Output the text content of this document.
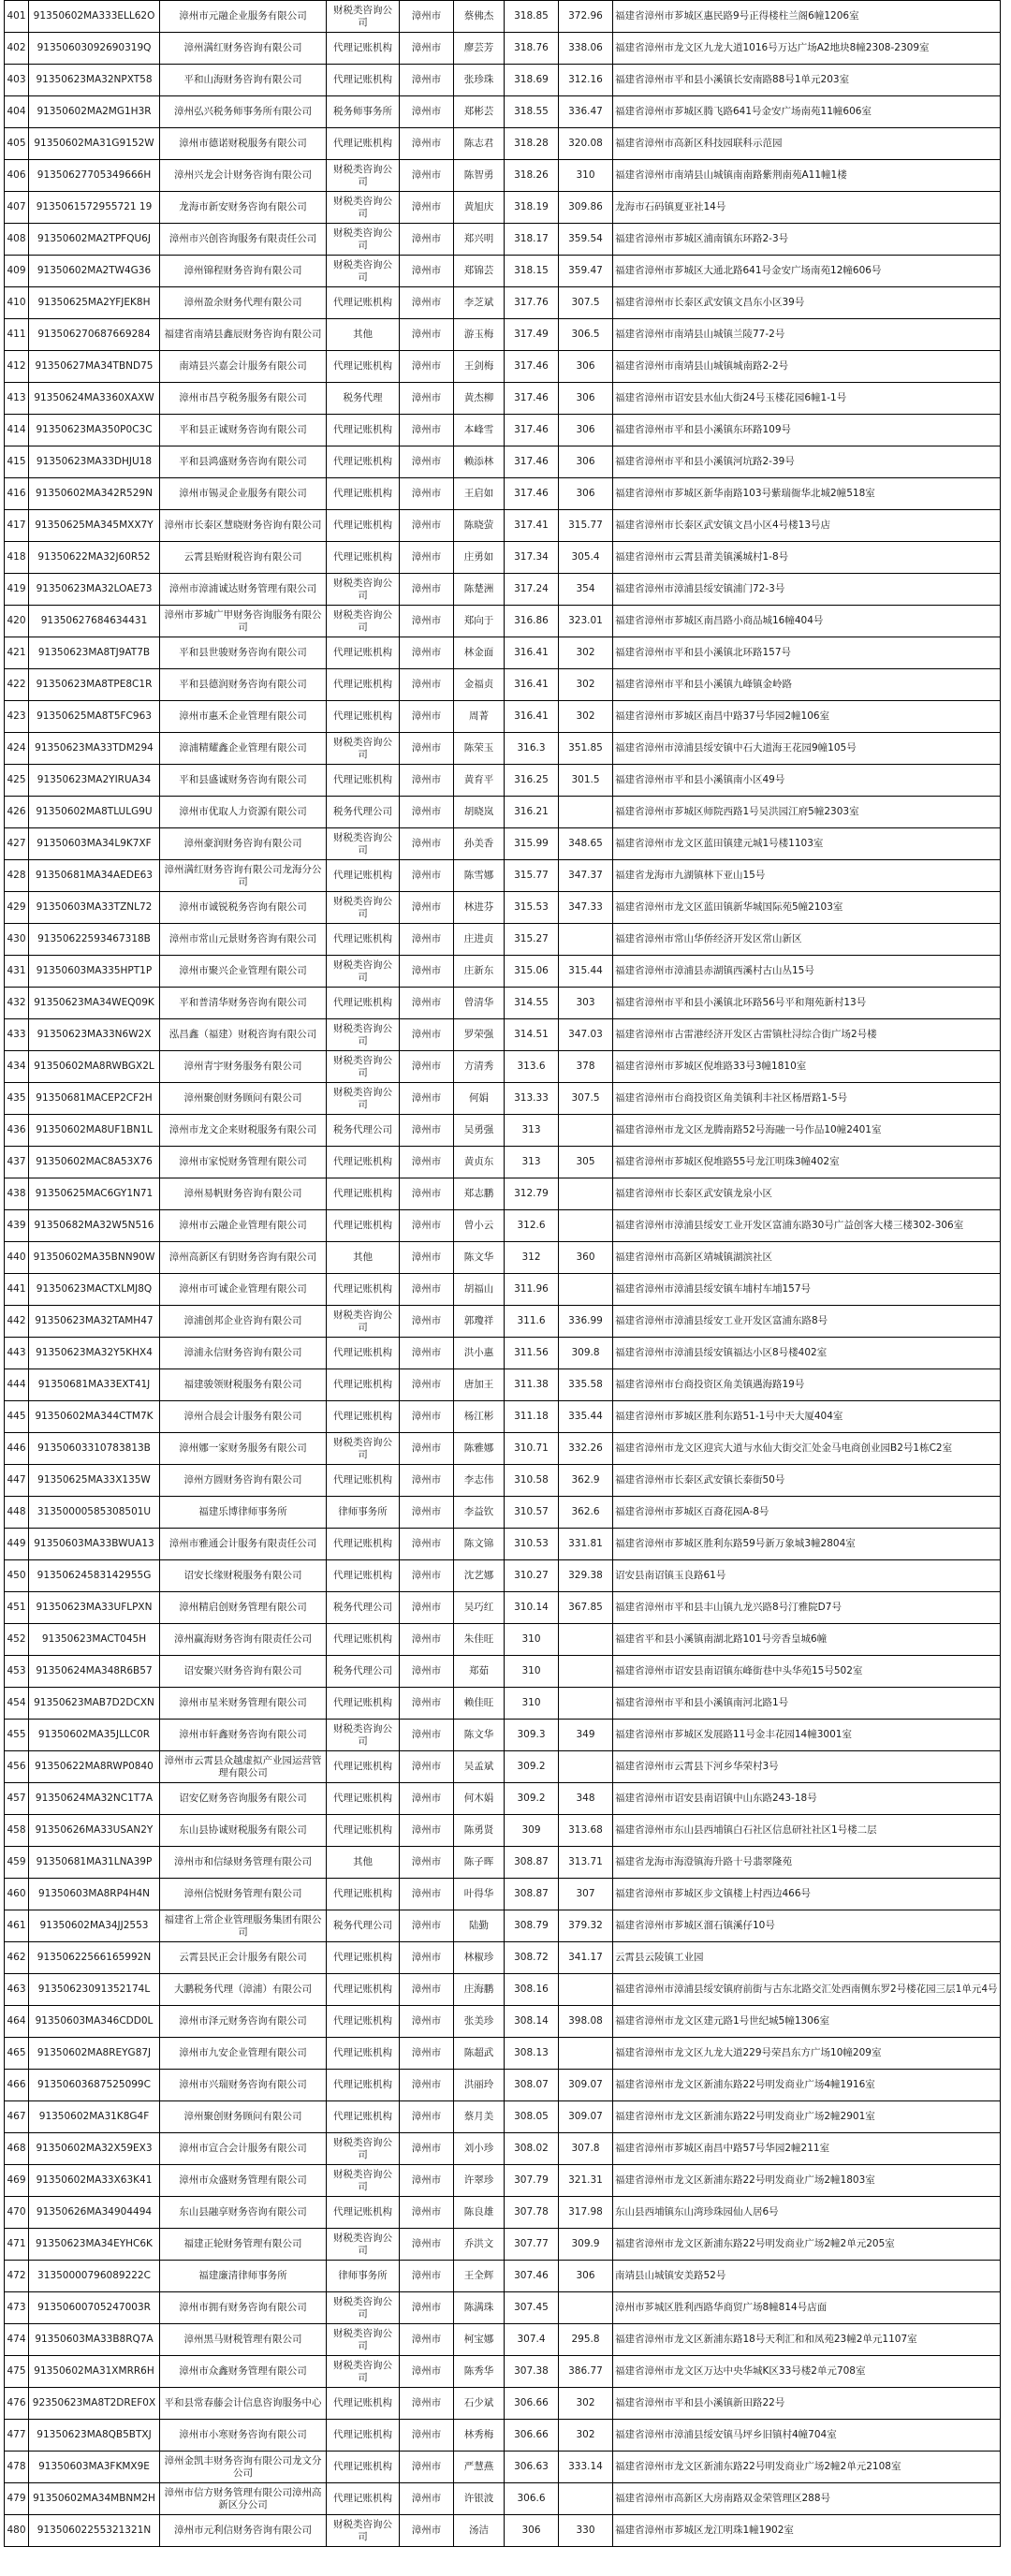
401	91350602MA333ELL62O	漳州市元融企业服务有限公司	财税类咨询公司	漳州市	蔡佛杰	318.85	372.96	福建省漳州市芗城区惠民路9号正得楼柱兰阁6幢1206室
402	91350603092690319Q	漳州满红财务咨询有限公司	代理记账机构	漳州市	廖芸芳	318.76	338.06	福建省漳州市龙文区九龙大道1016号万达广场A2地块8幢2308-2309室
403	91350623MA32NPXT58	平和山海财务咨询有限公司	代理记账机构	漳州市	张珍珠	318.69	312.16	福建省漳州市平和县小溪镇长安南路88号1单元203室
404	91350602MA2MG1H3R	漳州弘兴税务师事务所有限公司	税务师事务所	漳州市	郑彬芸	318.55	336.47	福建省漳州市芗城区腾飞路641号金安广场南苑11幢606室
405	91350602MA31G9152W	漳州市德诺财税服务有限公司	代理记账机构	漳州市	陈志君	318.28	320.08	福建省漳州市高新区科技园联科示范园
406	91350627705349666H	漳州兴龙会计财务咨询有限公司	财税类咨询公司	漳州市	陈智勇	318.26	310	福建省漳州市南靖县山城镇南南路紫荆南苑A11幢1楼
407	9135061572955721 19	龙海市新安财务咨询有限公司	财税类咨询公司	漳州市	黄旭庆	318.19	309.86	龙海市石码镇夏亚社14号
408	91350602MA2TPFQU6J	漳州市兴创咨询服务有限责任公司	财税类咨询公司	漳州市	郑兴明	318.17	359.54	福建省漳州市芗城区浦南镇东环路2-3号
409	91350602MA2TW4G36	漳州锦程财务咨询有限公司	财税类咨询公司	漳州市	郑锦芸	318.15	359.47	福建省漳州市芗城区大通北路641号金安广场南苑12幢606号
410	91350625MA2YFJEK8H	漳州盈余财务代理有限公司	代理记账机构	漳州市	李芝斌	317.76	307.5	福建省漳州市长泰区武安镇文昌东小区39号
411	913506270687669284	福建省南靖县鑫辰财务咨询有限公司	其他	漳州市	游玉梅	317.49	306.5	福建省漳州市南靖县山城镇兰陵77-2号
412	91350627MA34TBND75	南靖县兴嘉会计服务有限公司	代理记账机构	漳州市	王剑梅	317.46	306	福建省漳州市南靖县山城镇城南路2-2号
413	91350624MA3360XAXW	漳州市昌亨税务服务有限公司	税务代理	漳州市	黄杰柳	317.46	306	福建省漳州市诏安县水仙大街24号玉楼花园6幢1-1号
414	91350623MA350P0C3C	平和县正诚财务咨询有限公司	代理记账机构	漳州市	本峰雪	317.46	306	福建省漳州市平和县小溪镇东环路109号
415	91350623MA33DHJU18	平和县鸿盛财务咨询有限公司	代理记账机构	漳州市	赖添林	317.46	306	福建省漳州市平和县小溪镇河坑路2-39号
416	91350602MA342R529N	漳州市锡灵企业服务有限公司	代理记账机构	漳州市	王启如	317.46	306	福建省漳州市芗城区新华南路103号紫瑞衙华北城2幢518室
417	91350625MA345MXX7Y	漳州市长泰区慧晓财务咨询有限公司	代理记账机构	漳州市	陈晓萤	317.41	315.77	福建省漳州市长泰区武安镇文昌小区4号楼13号店
418	91350622MA32J60R52	云霄县贻财税咨询有限公司	代理记账机构	漳州市	庄勇如	317.34	305.4	福建省漳州市云霄县莆美镇溪城村1-8号
419	91350623MA32LOAE73	漳州市漳浦诚达财务管理有限公司	财税类咨询公司	漳州市	陈楚洲	317.24	354	福建省漳州市漳浦县绥安镇浦门72-3号
420	91350627684634431	漳州市芗城广甲财务咨询服务有限公司	财税类咨询公司	漳州市	郑向于	316.86	323.01	福建省漳州市芗城区南昌路小商品城16幢404号
421	91350623MA8TJ9AT7B	平和县世骏财务咨询有限公司	代理记账机构	漳州市	林金面	316.41	302	福建省漳州市平和县小溪镇北环路157号
422	91350623MA8TPE8C1R	平和县德润财务咨询有限公司	代理记账机构	漳州市	金福贞	316.41	302	福建省漳州市平和县小溪镇九峰镇金岭路
423	91350625MA8T5FC963	漳州市惠禾企业管理有限公司	代理记账机构	漳州市	周菁	316.41	302	福建省漳州市芗城区南昌中路37号华园2幢106室
424	91350623MA33TDM294	漳浦精耀鑫企业管理有限公司	财税类咨询公司	漳州市	陈荣玉	316.3	351.85	福建省漳州市漳浦县绥安镇中石大道海王花园9幢105号
425	91350623MA2YIRUA34	平和县盛诚财务咨询有限公司	代理记账机构	漳州市	黄育平	316.25	301.5	福建省漳州市平和县小溪镇南小区49号
426	91350602MA8TLULG9U	漳州市优取人力资源有限公司	税务代理公司	漳州市	胡晓岚	316.21		福建省漳州市芗城区师院西路1号吴洪园江府5幢2303室
427	91350603MA34L9K7XF	漳州豪润财务咨询有限公司	财税类咨询公司	漳州市	孙美香	315.99	348.65	福建省漳州市龙文区蓝田镇建元城1号楼1103室
428	91350681MA34AEDE63	漳州满红财务咨询有限公司龙海分公司	代理记账机构	漳州市	陈雪娜	315.77	347.37	福建省龙海市九湖镇林下亚山15号
429	91350603MA33TZNL72	漳州市诚锐税务咨询有限公司	财税类咨询公司	漳州市	林进芬	315.53	347.33	福建省漳州市龙文区蓝田镇新华城国际苑5幢2103室
430	91350622593467318B	漳州市常山元景财务咨询有限公司	代理记账机构	漳州市	庄进贞	315.27		福建省漳州市常山华侨经济开发区常山新区
431	91350603MA335HPT1P	漳州市聚兴企业管理有限公司	财税类咨询公司	漳州市	庄新东	315.06	315.44	福建省漳州市漳浦县赤湖镇西溪村古山丛15号
432	91350623MA34WEQ09K	平和普清华财务咨询有限公司	代理记账机构	漳州市	曾清华	314.55	303	福建省漳州市平和县小溪镇北环路56号平和翔苑新村13号
433	91350623MA33N6W2X	泓昌鑫（福建）财税咨询有限公司	财税类咨询公司	漳州市	罗荣强	314.51	347.03	福建省漳州市古雷港经济开发区古雷镇杜浔综合街广场2号楼
434	91350602MA8RWBGX2L	漳州青宇财务服务有限公司	财税类咨询公司	漳州市	方清秀	313.6	378	福建省漳州市芗城区倪堆路33号3幢1810室
435	91350681MACEP2CF2H	漳州聚创财务顾问有限公司	财税类咨询公司	漳州市	何娟	313.33	307.5	福建省漳州市台商投资区角美镇利丰社区杨厝路1-5号
436	91350602MA8UF1BN1L	漳州市龙文企来财税服务有限公司	税务代理公司	漳州市	吴勇强	313		福建省漳州市龙文区龙腾南路52号海融一号作品10幢2401室
437	91350602MAC8A53X76	漳州市家悦财务管理有限公司	代理记账机构	漳州市	黄贞东	313	305	福建省漳州市芗城区倪堆路55号龙江明珠3幢402室
438	91350625MAC6GY1N71	漳州易帆财务咨询有限公司	代理记账机构	漳州市	郑志鹏	312.79		福建省漳州市长泰区武安镇龙泉小区
439	91350682MA32W5N516	漳州市云融企业管理有限公司	代理记账机构	漳州市	曾小云	312.6		福建省漳州市漳浦县绥安工业开发区富浦东路30号广益创客大楼三楼302-306室
440	91350602MA35BNN90W	漳州高新区有钥财务咨询有限公司	其他	漳州市	陈文华	312	360	福建省漳州市高新区靖城镇湖滨社区
441	91350623MACTXLMJ8Q	漳州市可诚企业管理有限公司	代理记账机构	漳州市	胡福山	311.96		福建省漳州市漳浦县绥安镇车埔村车埔157号
442	91350623MA32TAMH47	漳浦创邦企业咨询有限公司	财税类咨询公司	漳州市	郭瓊祥	311.6	336.99	福建省漳州市漳浦县绥安工业开发区富浦东路8号
443	91350623MA32Y5KHX4	漳浦永信财务咨询有限公司	代理记账机构	漳州市	洪小惠	311.56	309.8	福建省漳州市漳浦县绥安镇福达小区8号楼402室
444	91350681MA33EXT41J	福建骏领财税服务有限公司	代理记账机构	漳州市	唐加王	311.38	335.58	福建省漳州市台商投资区角美镇遇海路19号
445	91350602MA344CTM7K	漳州合晨会计服务有限公司	代理记账机构	漳州市	杨江彬	311.18	335.44	福建省漳州市芗城区胜利东路51-1号中天大厦404室
446	91350603310783813B	漳州娜一家财务服务有限公司	财税类咨询公司	漳州市	陈雅娜	310.71	332.26	福建省漳州市龙文区迎宾大道与水仙大街交汇处金马电商创业园B2号1栋C2室
447	91350625MA33X135W	漳州方圆财务咨询有限公司	代理记账机构	漳州市	李志伟	310.58	362.9	福建省漳州市长泰区武安镇长泰街50号
448	31350000585308501U	福建乐博律师事务所	律师事务所	漳州市	李益钦	310.57	362.6	福建省漳州市芗城区百裔花园A-8号
449	91350603MA33BWUA13	漳州市雅通会计服务有限责任公司	代理记账机构	漳州市	陈文锦	310.53	331.81	福建省漳州市芗城区胜利东路59号新万象城3幢2804室
450	91350624583142955G	诏安长缘财税服务有限公司	代理记账机构	漳州市	沈艺娜	310.27	329.38	诏安县南诏镇玉良路61号
451	91350623MA33UFLPXN	漳州精启创财务管理有限公司	税务代理公司	漳州市	吴巧红	310.14	367.85	福建省漳州市平和县丰山镇九龙兴路8号汀雅院D7号
452	91350623MACT045H	漳州赢海财务咨询有限责任公司	代理记账机构	漳州市	朱佳旺	310		福建省平和县小溪镇南湖北路101号旁香皇城6幢
453	91350624MA348R6B57	诏安聚兴财务咨询有限公司	税务代理公司	漳州市	郑茹	310		福建省漳州市诏安县南诏镇东峰街巷中头华苑15号502室
454	91350623MAB7D2DCXN	漳州市星米财务管理有限公司	代理记账机构	漳州市	赖佳旺	310		福建省漳州市平和县小溪镇南河北路1号
455	91350602MA35JLLC0R	漳州市轩鑫财务咨询有限公司	财税类咨询公司	漳州市	陈文华	309.3	349	福建省漳州市芗城区发展路11号金丰花园14幢3001室
456	91350622MA8RWP0840	漳州市云霄县众越虚拟产业园运营管理有限公司	代理记账机构	漳州市	吴孟斌	309.2		福建省漳州市云霄县下河乡华荣村3号
457	91350624MA32NC1T7A	诏安亿财务咨询服务有限公司	代理记账机构	漳州市	何木娟	309.2	348	福建省漳州市诏安县南诏镇中山东路243-18号
458	91350626MA33USAN2Y	东山县协诚财税服务有限公司	代理记账机构	漳州市	陈勇贤	309	313.68	福建省漳州市东山县西埔镇白石社区信息研社社区1号楼二层
459	91350681MA31LNA39P	漳州市和信绿财务管理有限公司	其他	漳州市	陈子晖	308.87	313.71	福建省龙海市海澄镇海升路十号翡翠隆苑
460	91350603MA8RP4H4N	漳州信悦财务管理有限公司	代理记账机构	漳州市	叶得华	308.87	307	福建省漳州市芗城区步文镇楼上村西边466号
461	91350602MA34JJ2553	福建省上常企业管理服务集团有限公司	税务代理公司	漳州市	陆勤	308.79	379.32	福建省漳州市芗城区溜石镇溪仔10号
462	91350622566165992N	云霄县民正会计服务有限公司	代理记账机构	漳州市	林椒珍	308.72	341.17	云霄县云陵镇工业园
463	91350623091352174L	大鹏税务代理（漳浦）有限公司	代理记账机构	漳州市	庄海鹏	308.16		福建省漳州市漳浦县绥安镇府前街与古东北路交汇处西南侧东罗2号楼花园三层1单元4号
464	91350603MA346CDD0L	漳州市泽元财务咨询有限公司	代理记账机构	漳州市	张美珍	308.14	398.08	福建省漳州市龙文区建元路1号世纪城5幢1306室
465	91350602MA8REYG87J	漳州市九安企业管理有限公司	代理记账机构	漳州市	陈超武	308.13		福建省漳州市龙文区九龙大道229号荣昌东方广场10幢209室
466	91350603687525099C	漳州市兴瑞财务咨询有限公司	代理记账机构	漳州市	洪丽玲	308.07	309.07	福建省漳州市龙文区新浦东路22号明发商业广场4幢1916室
467	91350602MA31K8G4F	漳州聚创财务顾问有限公司	代理记账机构	漳州市	蔡月美	308.05	309.07	福建省漳州市龙文区新浦东路22号明发商业广场2幢2901室
468	91350602MA32X59EX3	漳州市宣合会计服务有限公司	财税类咨询公司	漳州市	刘小珍	308.02	307.8	福建省漳州市芗城区南昌中路57号华园2幢211室
469	91350602MA33X63K41	漳州市众盛财务管理有限公司	财税类咨询公司	漳州市	许翠珍	307.79	321.31	福建省漳州市龙文区新浦东路22号明发商业广场2幢1803室
470	91350626MA34904494	东山县融享财务咨询有限公司	代理记账机构	漳州市	陈良雄	307.78	317.98	东山县西埔镇东山湾珍珠园仙人居6号
471	91350623MA34EYHC6K	福建正轮财务管理有限公司	财税类咨询公司	漳州市	乔洪文	307.77	309.9	福建省漳州市龙文区新浦东路22号明发商业广场2幢2单元205室
472	31350000796089222C	福建廉清律师事务所	律师事务所	漳州市	王全辉	307.46	306	南靖县山城镇安美路52号
473	91350600705247003R	漳州市拥有财务咨询有限公司	财税类咨询公司	漳州市	陈满珠	307.45		漳州市芗城区胜利西路华商贸广场8幢814号店面
474	91350603MA33B8RQ7A	漳州黑马财税管理有限公司	财税类咨询公司	漳州市	柯宝娜	307.4	295.8	福建省漳州市龙文区新浦东路18号天利汇和和凤苑23幢2单元1107室
475	91350602MA31XMRR6H	漳州市众鑫财务管理有限公司	财税类咨询公司	漳州市	陈秀华	307.38	386.77	福建省漳州市龙文区万达中央华城K区33号楼2单元708室
476	92350623MA8T2DREF0X	平和县常春藤会计信息咨询服务中心	代理记账机构	漳州市	石少斌	306.66	302	福建省漳州市平和县小溪镇新田路22号
477	91350623MA8QB5BTXJ	漳州市小寒财务咨询有限公司	代理记账机构	漳州市	林秀梅	306.66	302	福建省漳州市漳浦县绥安镇马坪乡旧镇村4幢704室
478	91350603MA3FKMX9E	漳州金凯丰财务咨询有限公司龙文分公司	代理记账机构	漳州市	严慧燕	306.63	333.14	福建省漳州市龙文区新浦东路22号明发商业广场2幢2单元2108室
479	91350602MA34MBNM2H	漳州市信方财务管理有限公司漳州高新区分公司	代理记账机构	漳州市	许银波	306.6		福建省漳州市高新区大房南路双金荣管理区288号
480	91350602255321321N	漳州市元利信财务咨询有限公司	财税类咨询公司	漳州市	汤洁	306	330	福建省漳州市芗城区龙江明珠1幢1902室
